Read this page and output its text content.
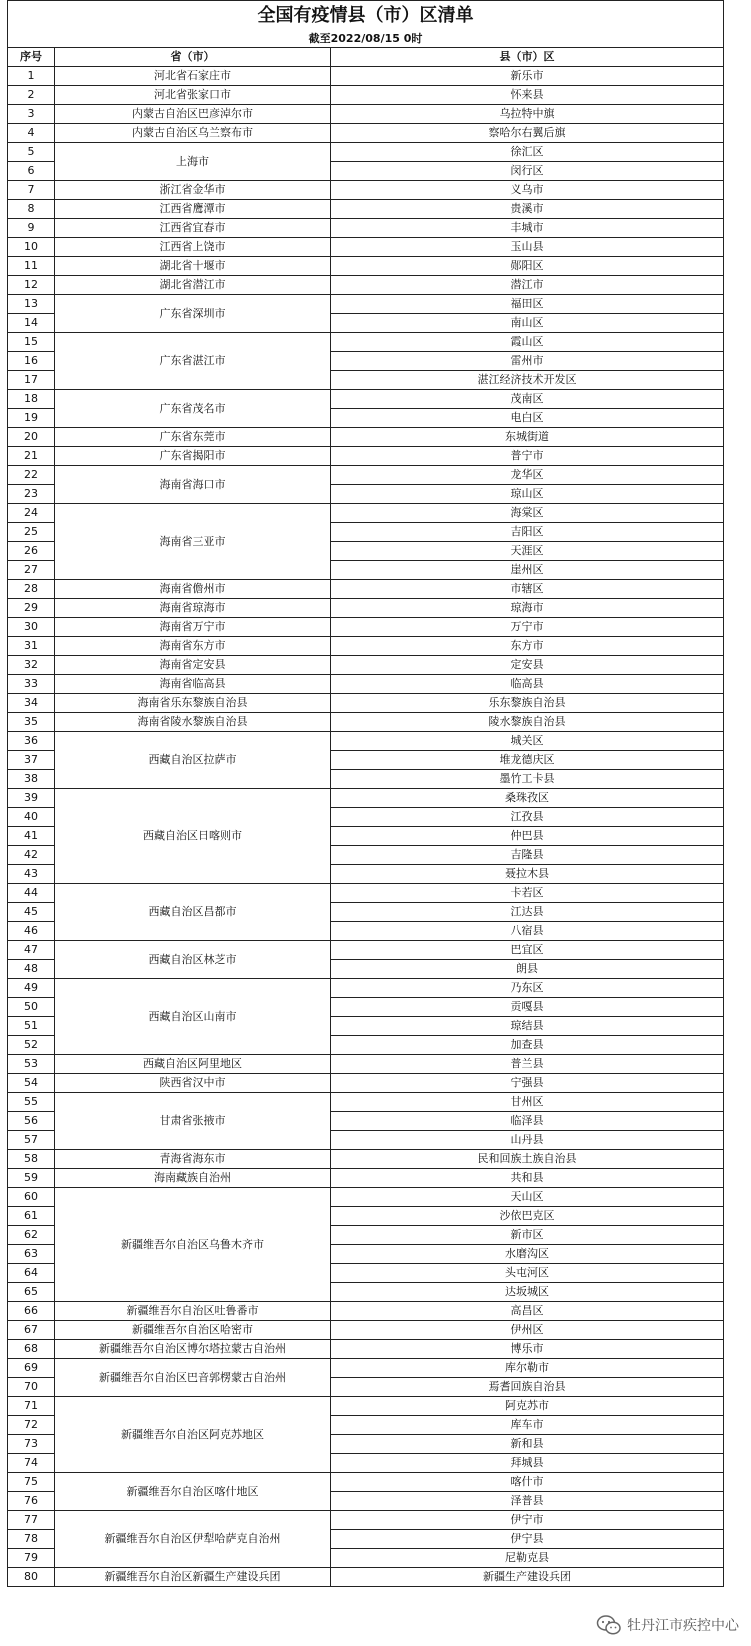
全国有疫情县（市）区清单		
截至2022/08/15 0时		
序号	省（市）	县（市）区
1	河北省石家庄市	新乐市
2	河北省张家口市	怀来县
3	内蒙古自治区巴彦淖尔市	乌拉特中旗
4	内蒙古自治区乌兰察布市	察哈尔右翼后旗
5	上海市	徐汇区
6		闵行区
7	浙江省金华市	义乌市
8	江西省鹰潭市	贵溪市
9	江西省宜春市	丰城市
10	江西省上饶市	玉山县
11	湖北省十堰市	郧阳区
12	湖北省潜江市	潜江市
13	广东省深圳市	福田区
14		南山区
15	广东省湛江市	霞山区
16		雷州市
17		湛江经济技术开发区
18	广东省茂名市	茂南区
19		电白区
20	广东省东莞市	东城街道
21	广东省揭阳市	普宁市
22	海南省海口市	龙华区
23		琼山区
24	海南省三亚市	海棠区
25		吉阳区
26		天涯区
27		崖州区
28	海南省儋州市	市辖区
29	海南省琼海市	琼海市
30	海南省万宁市	万宁市
31	海南省东方市	东方市
32	海南省定安县	定安县
33	海南省临高县	临高县
34	海南省乐东黎族自治县	乐东黎族自治县
35	海南省陵水黎族自治县	陵水黎族自治县
36	西藏自治区拉萨市	城关区
37		堆龙德庆区
38		墨竹工卡县
39	西藏自治区日喀则市	桑珠孜区
40		江孜县
41		仲巴县
42		吉隆县
43		聂拉木县
44	西藏自治区昌都市	卡若区
45		江达县
46		八宿县
47	西藏自治区林芝市	巴宜区
48		朗县
49	西藏自治区山南市	乃东区
50		贡嘎县
51		琼结县
52		加查县
53	西藏自治区阿里地区	普兰县
54	陕西省汉中市	宁强县
55	甘肃省张掖市	甘州区
56		临泽县
57		山丹县
58	青海省海东市	民和回族土族自治县
59	海南藏族自治州	共和县
60	新疆维吾尔自治区乌鲁木齐市	天山区
61		沙依巴克区
62		新市区
63		水磨沟区
64		头屯河区
65		达坂城区
66	新疆维吾尔自治区吐鲁番市	高昌区
67	新疆维吾尔自治区哈密市	伊州区
68	新疆维吾尔自治区博尔塔拉蒙古自治州	博乐市
69	新疆维吾尔自治区巴音郭楞蒙古自治州	库尔勒市
70		焉耆回族自治县
71	新疆维吾尔自治区阿克苏地区	阿克苏市
72		库车市
73		新和县
74		拜城县
75	新疆维吾尔自治区喀什地区	喀什市
76		泽普县
77	新疆维吾尔自治区伊犁哈萨克自治州	伊宁市
78		伊宁县
79		尼勒克县
80	新疆维吾尔自治区新疆生产建设兵团	新疆生产建设兵团
牡丹江市疾控中心
